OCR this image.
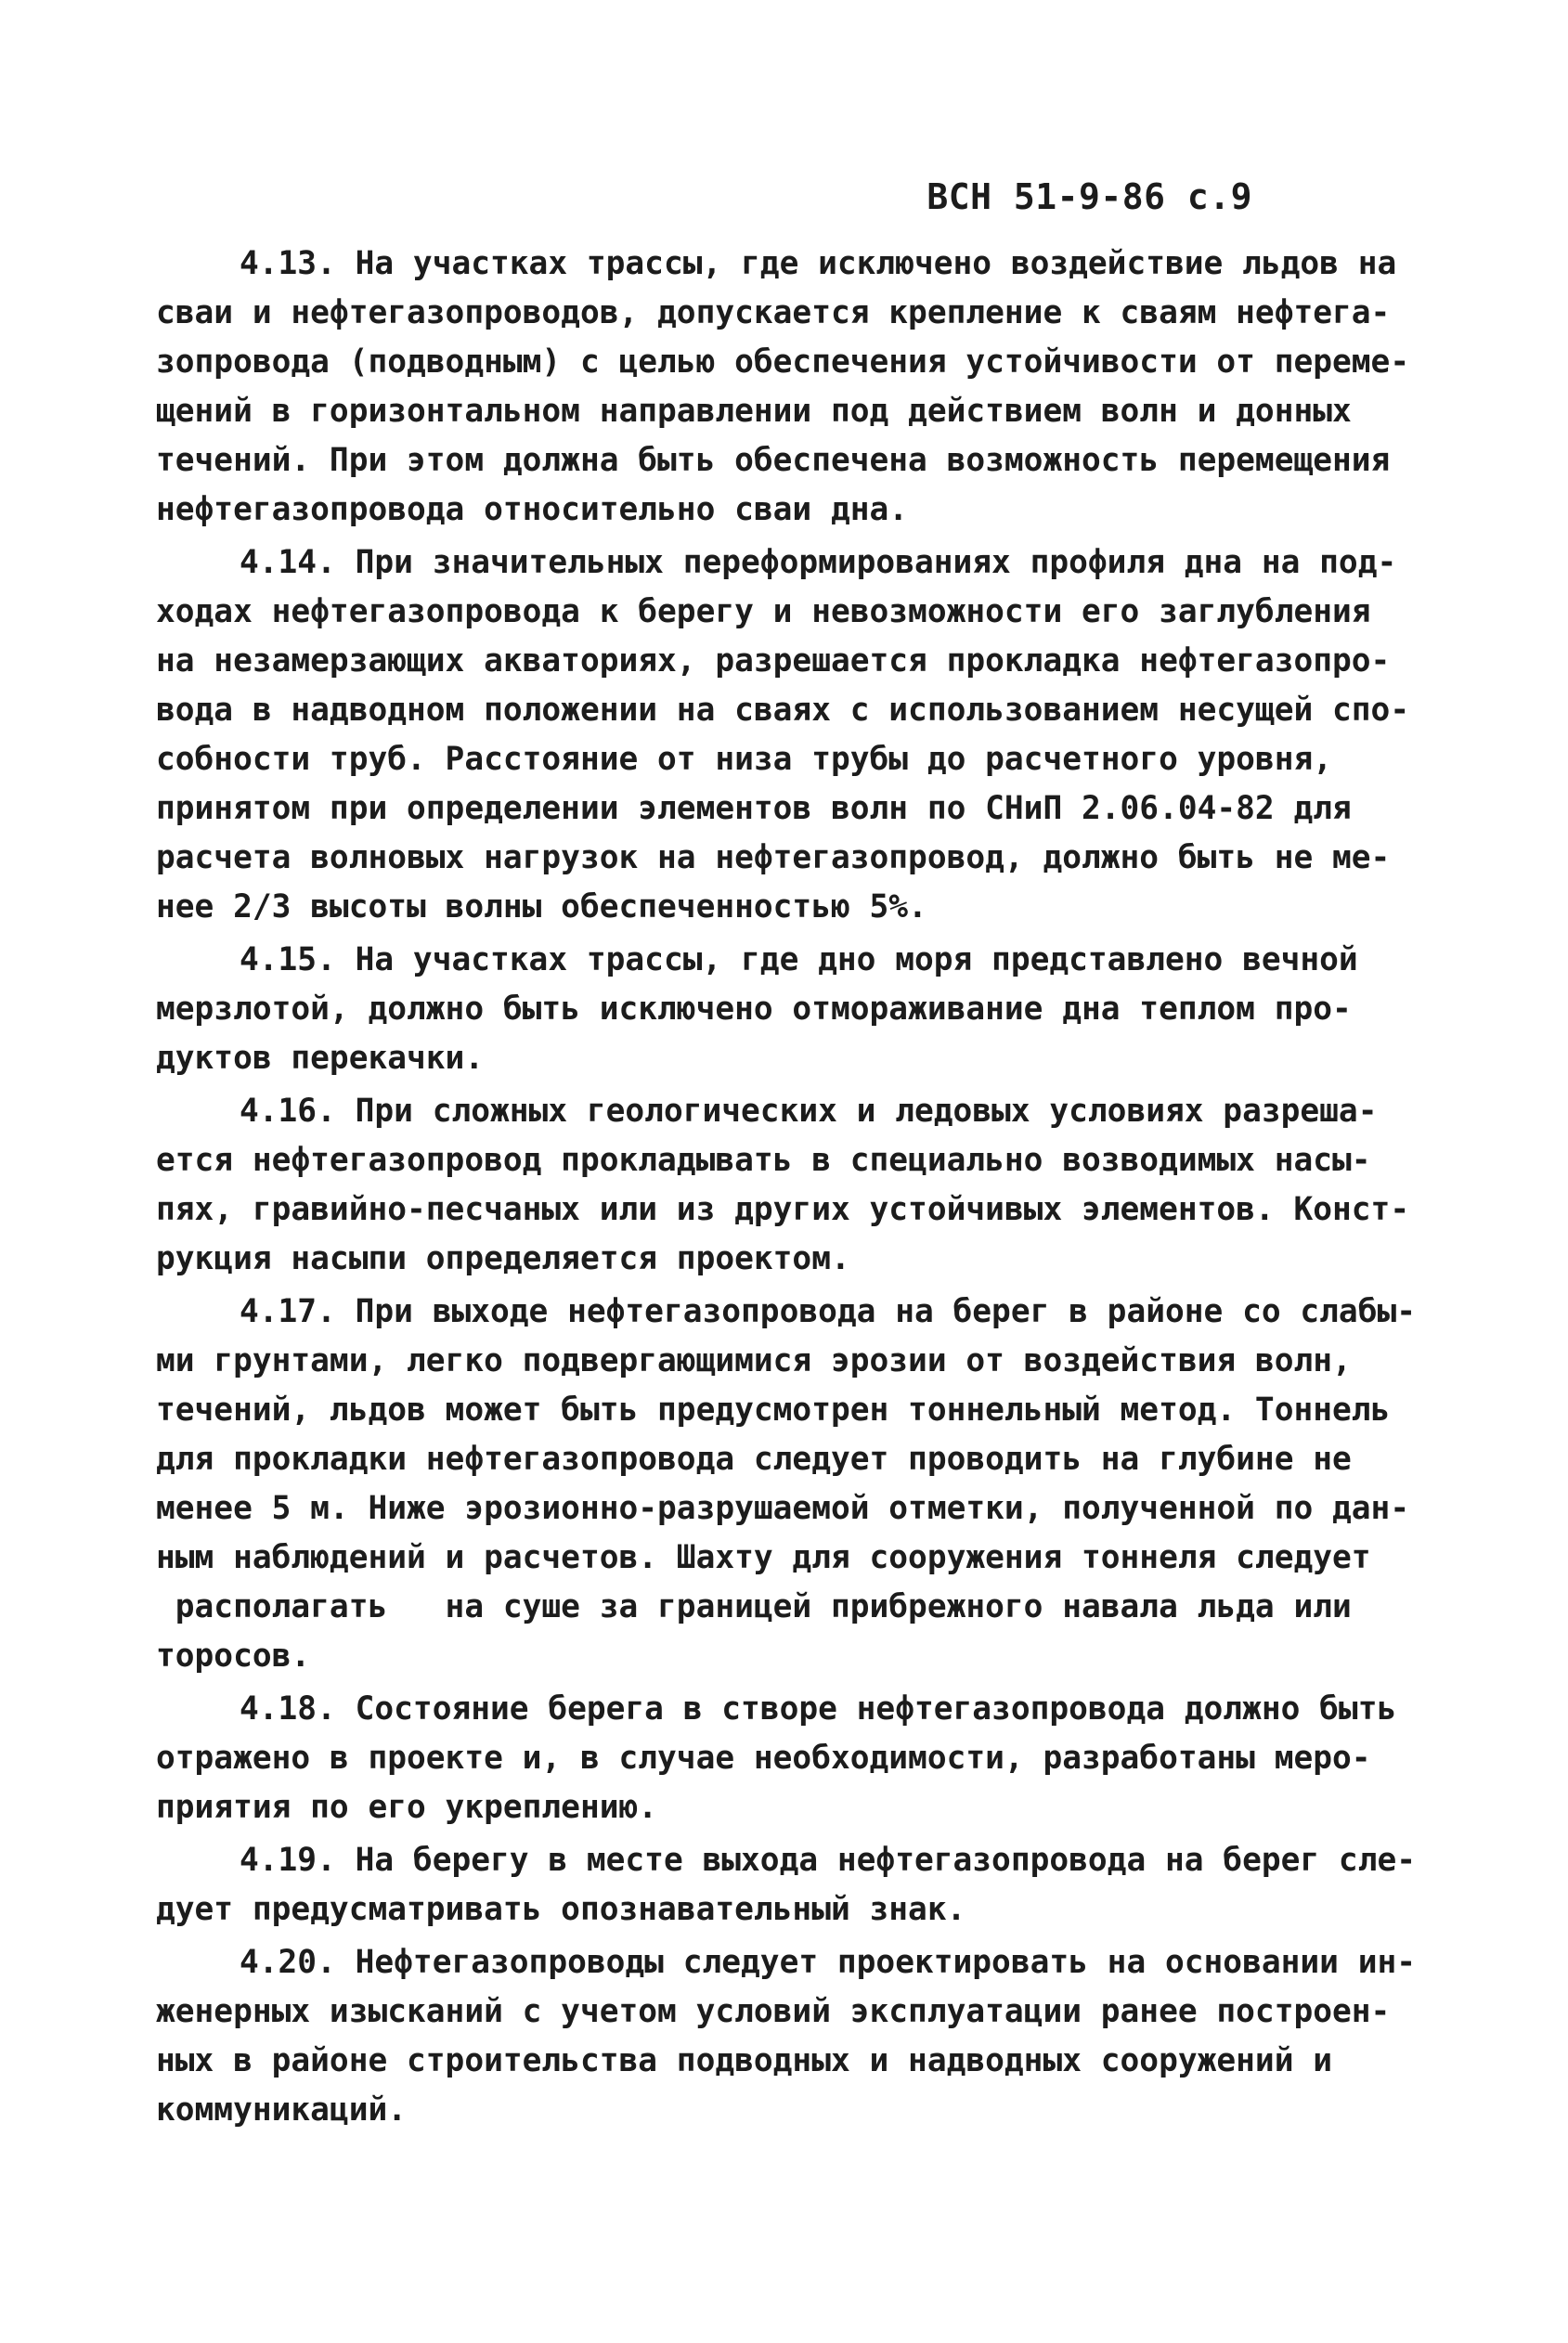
ВСН 51-9-86 с.9
4.13. На участках трассы, где исключено воздействие льдов на
сваи и нефтегазопроводов, допускается крепление к сваям нефтега-
зопровода (подводным) с целью обеспечения устойчивости от переме-
щений в горизонтальном направлении под действием волн и донных
течений. При этом должна быть обеспечена возможность перемещения
нефтегазопровода относительно сваи дна.
4.14. При значительных переформированиях профиля дна на под-
ходах нефтегазопровода к берегу и невозможности его заглубления
на незамерзающих акваториях, разрешается прокладка нефтегазопро-
вода в надводном положении на сваях с использованием несущей спо-
собности труб. Расстояние от низа трубы до расчетного уровня,
принятом при определении элементов волн по СНиП 2.06.04-82 для
расчета волновых нагрузок на нефтегазопровод, должно быть не ме-
нее 2/3 высоты волны обеспеченностью 5%.
4.15. На участках трассы, где дно моря представлено вечной
мерзлотой, должно быть исключено отмораживание дна теплом про-
дуктов перекачки.
4.16. При сложных геологических и ледовых условиях разреша-
ется нефтегазопровод прокладывать в специально возводимых насы-
пях, гравийно-песчаных или из других устойчивых элементов. Конст-
рукция насыпи определяется проектом.
4.17. При выходе нефтегазопровода на берег в районе со слабы-
ми грунтами, легко подвергающимися эрозии от воздействия волн,
течений, льдов может быть предусмотрен тоннельный метод. Тоннель
для прокладки нефтегазопровода следует проводить на глубине не
менее 5 м. Ниже эрозионно-разрушаемой отметки, полученной по дан-
ным наблюдений и расчетов. Шахту для сооружения тоннеля следует
располагать   на суше за границей прибрежного навала льда или
торосов.
4.18. Состояние берега в створе нефтегазопровода должно быть
отражено в проекте и, в случае необходимости, разработаны меро-
приятия по его укреплению.
4.19. На берегу в месте выхода нефтегазопровода на берег сле-
дует предусматривать опознавательный знак.
4.20. Нефтегазопроводы следует проектировать на основании ин-
женерных изысканий с учетом условий эксплуатации ранее построен-
ных в районе строительства подводных и надводных сооружений и
коммуникаций.
